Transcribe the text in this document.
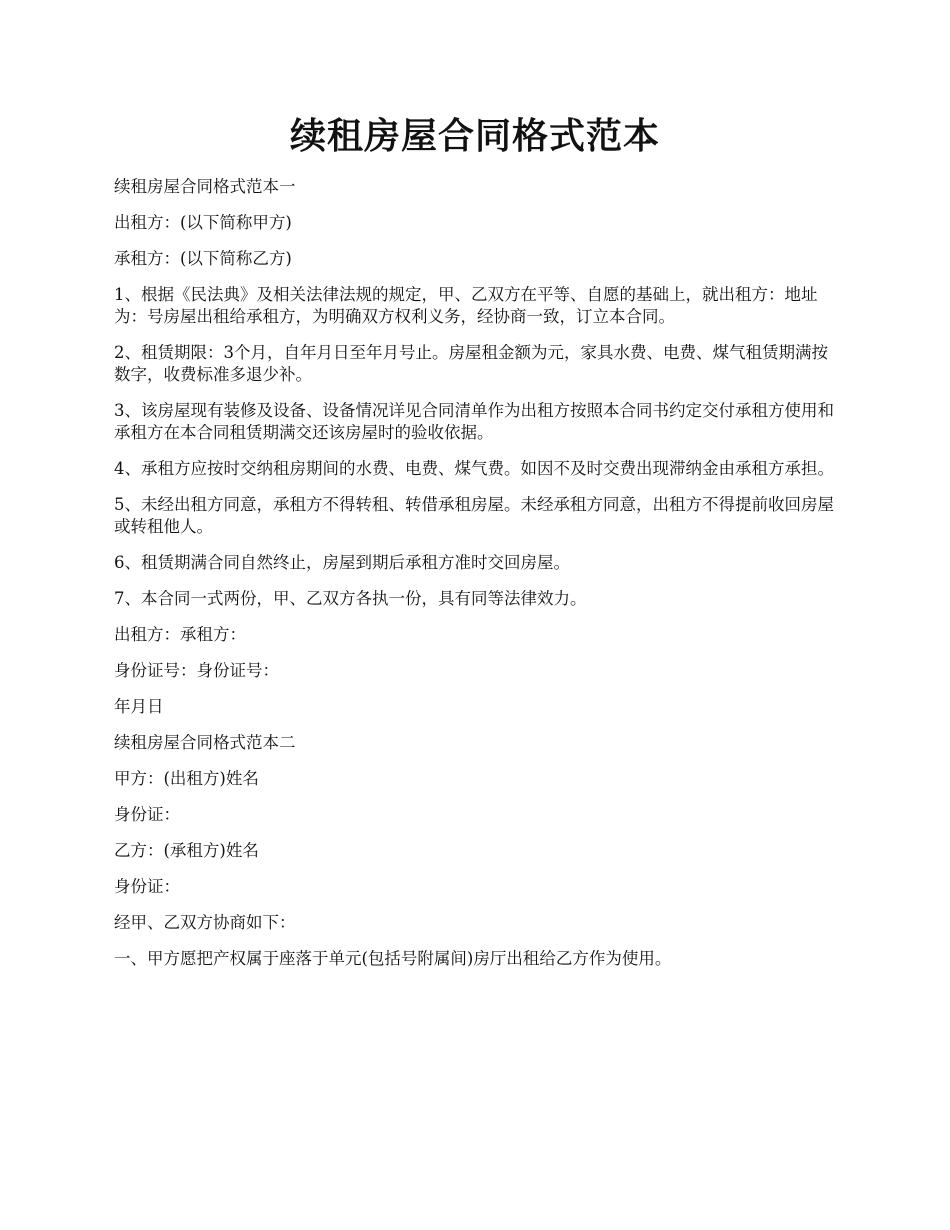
续租房屋合同格式范本

续租房屋合同格式范本一

出租方：(以下简称甲方)

承租方：(以下简称乙方)

1、根据《民法典》及相关法律法规的规定，甲、乙双方在平等、自愿的基础上，就出租方：地址为：号房屋出租给承租方，为明确双方权利义务，经协商一致，订立本合同。

2、租赁期限：3个月，自年月日至年月号止。房屋租金额为元，家具水费、电费、煤气租赁期满按数字，收费标准多退少补。

3、该房屋现有装修及设备、设备情况详见合同清单作为出租方按照本合同书约定交付承租方使用和承租方在本合同租赁期满交还该房屋时的验收依据。

4、承租方应按时交纳租房期间的水费、电费、煤气费。如因不及时交费出现滞纳金由承租方承担。

5、未经出租方同意，承租方不得转租、转借承租房屋。未经承租方同意，出租方不得提前收回房屋或转租他人。

6、租赁期满合同自然终止，房屋到期后承租方准时交回房屋。

7、本合同一式两份，甲、乙双方各执一份，具有同等法律效力。

出租方：承租方：

身份证号：身份证号：

年月日

续租房屋合同格式范本二

甲方：(出租方)姓名

身份证：

乙方：(承租方)姓名

身份证：

经甲、乙双方协商如下：

一、甲方愿把产权属于座落于单元(包括号附属间)房厅出租给乙方作为使用。
